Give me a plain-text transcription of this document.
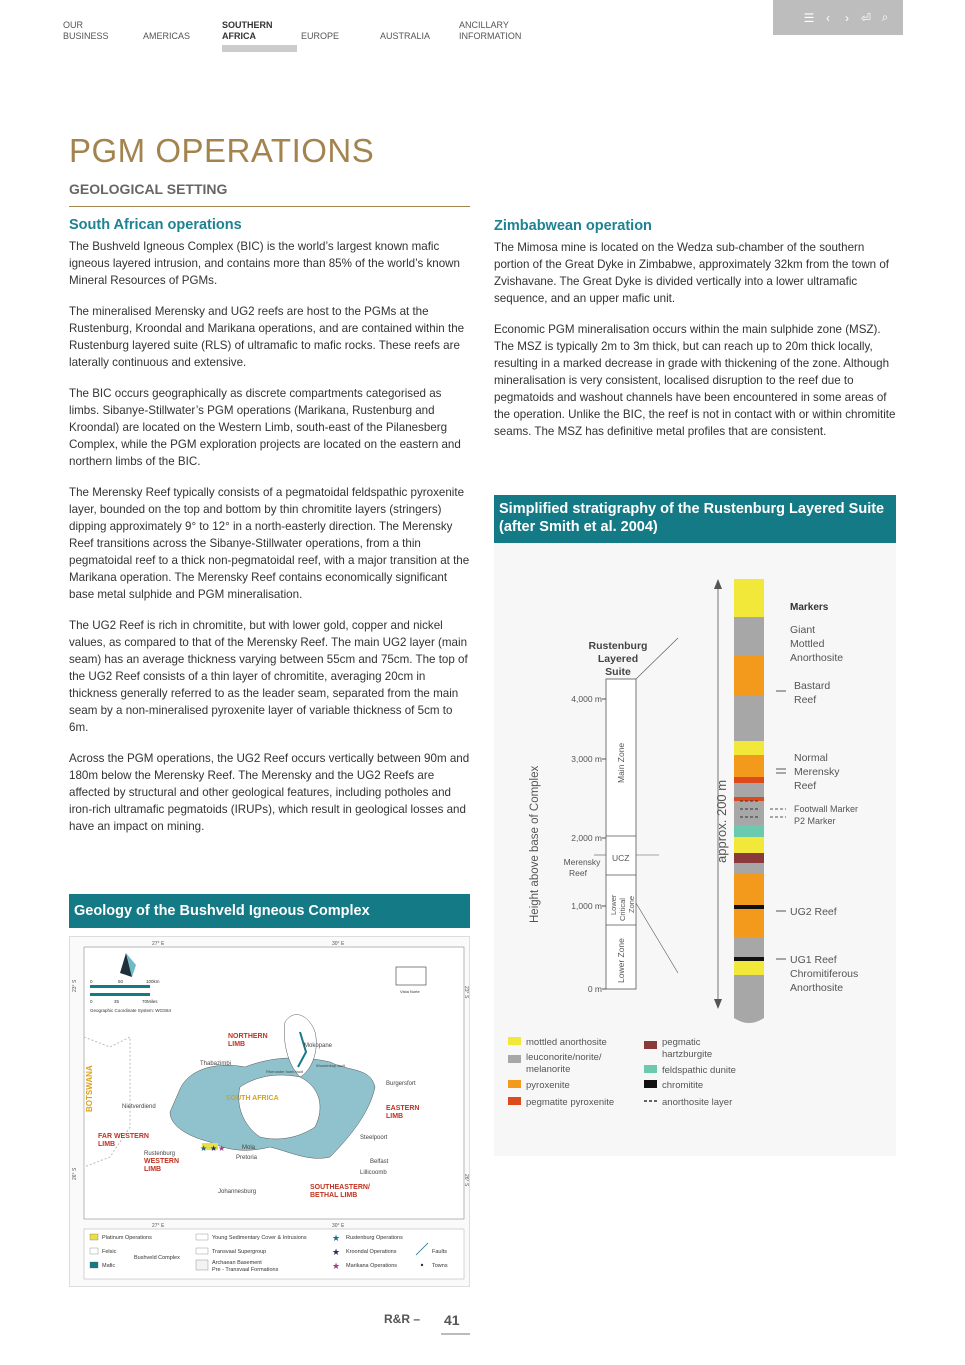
OUR
BUSINESS	AMERICAS
SOUTHERN
AFRICA	EUROPE	AUSTRALIA
ANCILLARY
INFORMATION
☰ ‹	› ⏎ ⌕
PGM OPERATIONS
GEOLOGICAL SETTING
South African operations

The Bushveld Igneous Complex (BIC) is the world’s largest known mafic igneous layered intrusion, and contains more than 85% of the world’s known Mineral Resources of PGMs.

The mineralised Merensky and UG2 reefs are host to the PGMs at the Rustenburg, Kroondal and Marikana operations, and are contained within the Rustenburg layered suite (RLS) of ultramafic to mafic rocks. These reefs are laterally continuous and extensive.

The BIC occurs geographically as discrete compartments categorised as limbs. Sibanye-Stillwater’s PGM operations (Marikana, Rustenburg and Kroondal) are located on the Western Limb, south-east of the Pilanesberg Complex, while the PGM exploration projects are located on the eastern and northern limbs of the BIC.

The Merensky Reef typically consists of a pegmatoidal feldspathic pyroxenite layer, bounded on the top and bottom by thin chromitite layers (stringers) dipping approximately 9° to 12° in a north-easterly direction. The Merensky Reef transitions across the Sibanye-Stillwater operations, from a thin pegmatoidal reef to a thick non-pegmatoidal reef, with a major transition at the Marikana operation. The Merensky Reef contains economically significant base metal sulphide and PGM mineralisation.

The UG2 Reef is rich in chromitite, but with lower gold, copper and nickel values, as compared to that of the Merensky Reef. The main UG2 layer (main seam) has an average thickness varying between 55cm and 75cm. The top of the UG2 Reef consists of a thin layer of chromitite, averaging 20cm in thickness generally referred to as the leader seam, separated from the main seam by a non-mineralised pyroxenite layer of variable thickness of 5cm to 6m.

Across the PGM operations, the UG2 Reef occurs vertically between 90m and 180m below the Merensky Reef. The Merensky and the UG2 Reefs are affected by structural and other geological features, including potholes and iron-rich ultramafic pegmatoids (IRUPs), which result in geological losses and have an impact on mining.

Zimbabwean operation

The Mimosa mine is located on the Wedza sub-chamber of the southern portion of the Great Dyke in Zimbabwe, approximately 32km from the town of Zvishavane. The Great Dyke is divided vertically into a lower ultramafic sequence, and an upper mafic unit.

Economic PGM mineralisation occurs within the main sulphide zone (MSZ). The MSZ is typically 2m to 3m thick, but can reach up to 20m thick locally, resulting in a marked decrease in grade with thickening of the zone. Although mineralisation is very consistent, localised disruption to the reef due to pegmatoids and washout channels have been encountered in some areas of the operation. Unlike the BIC, the reef is not in contact with or within chromitite seams. The MSZ has definitive metal profiles that are consistent.

Geology of the Bushveld Igneous Complex
27° E	30° E
27° E	30° E
23° S
26° S
23° S
26° S
0	50	100km
0	35	70Miles
Geographic Coordinate System: WGS84
Vista Norte
BOTSWANA
★ ★ ★
NORTHERN
LIMB	Mokopane
Thabazimbi
Rhenoster hoek fault
Wonderkop fault
Burgersfort
SOUTH AFRICA
Nietverdiend	EASTERN
LIMB
FAR WESTERN
LIMB
Rustenburg
WESTERN
LIMB
Mola
Pretoria
Steelpoort
Belfast
Lillicoomb
Johannesburg
SOUTHEASTERN/
BETHAL LIMB
Platinum Operations
Felsic
Mafic
Bushveld Complex
Young Sedimentary Cover & Intrusions
Transvaal Supergroup
Archaean Basement
Pre - Transvaal Formations
★ Rustenburg Operations
★ Kroondal Operations
★ Marikana Operations
Faults
Towns
Simplified stratigraphy of the Rustenburg Layered Suite (after Smith et al. 2004)
Height above base of Complex
Rustenburg
Layered
Suite
4,000 m
3,000 m
2,000 m
1,000 m
0 m
Merensky
Reef
Main Zone
UCZ
Lower Critical Zone
Lower Zone
approx. 200 m
Markers
Giant
Mottled
Anorthosite
Bastard
Reef
Normal
Merensky
Reef
Footwall Marker
P2 Marker
UG2 Reef
UG1 Reef
Chromitiferous
Anorthosite
mottled anorthosite
leuconorite/norite/
melanorite
pyroxenite
pegmatite pyroxenite
pegmatic
hartzburgite
feldspathic dunite
chromitite
anorthosite layer
R&R – 41
